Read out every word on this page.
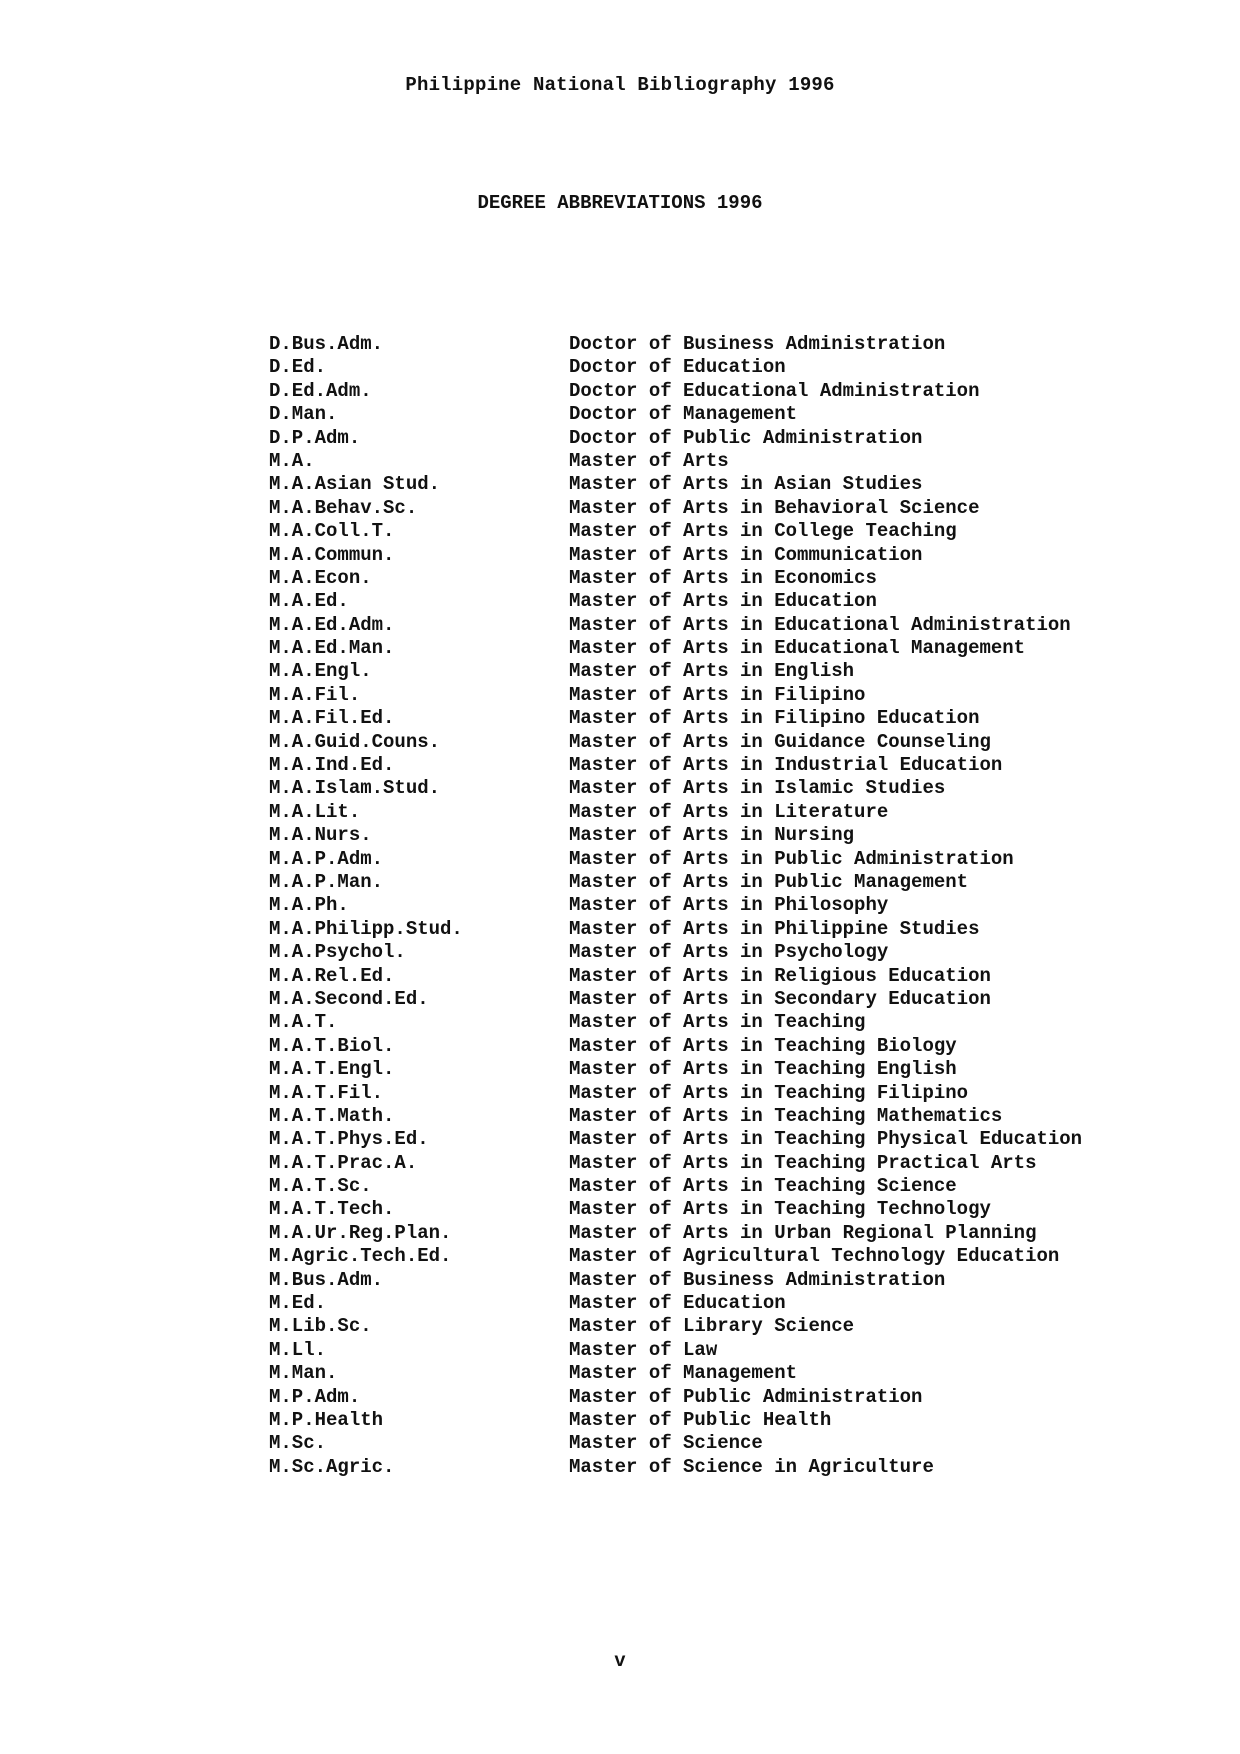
Philippine National Bibliography 1996
DEGREE ABBREVIATIONS 1996
D.Bus.Adm.	Doctor of Business Administration
D.Ed.	Doctor of Education
D.Ed.Adm.	Doctor of Educational Administration
D.Man.	Doctor of Management
D.P.Adm.	Doctor of Public Administration
M.A.	Master of Arts
M.A.Asian Stud.	Master of Arts in Asian Studies
M.A.Behav.Sc.	Master of Arts in Behavioral Science
M.A.Coll.T.	Master of Arts in College Teaching
M.A.Commun.	Master of Arts in Communication
M.A.Econ.	Master of Arts in Economics
M.A.Ed.	Master of Arts in Education
M.A.Ed.Adm.	Master of Arts in Educational Administration
M.A.Ed.Man.	Master of Arts in Educational Management
M.A.Engl.	Master of Arts in English
M.A.Fil.	Master of Arts in Filipino
M.A.Fil.Ed.	Master of Arts in Filipino Education
M.A.Guid.Couns.	Master of Arts in Guidance Counseling
M.A.Ind.Ed.	Master of Arts in Industrial Education
M.A.Islam.Stud.	Master of Arts in Islamic Studies
M.A.Lit.	Master of Arts in Literature
M.A.Nurs.	Master of Arts in Nursing
M.A.P.Adm.	Master of Arts in Public Administration
M.A.P.Man.	Master of Arts in Public Management
M.A.Ph.	Master of Arts in Philosophy
M.A.Philipp.Stud.	Master of Arts in Philippine Studies
M.A.Psychol.	Master of Arts in Psychology
M.A.Rel.Ed.	Master of Arts in Religious Education
M.A.Second.Ed.	Master of Arts in Secondary Education
M.A.T.	Master of Arts in Teaching
M.A.T.Biol.	Master of Arts in Teaching Biology
M.A.T.Engl.	Master of Arts in Teaching English
M.A.T.Fil.	Master of Arts in Teaching Filipino
M.A.T.Math.	Master of Arts in Teaching Mathematics
M.A.T.Phys.Ed.	Master of Arts in Teaching Physical Education
M.A.T.Prac.A.	Master of Arts in Teaching Practical Arts
M.A.T.Sc.	Master of Arts in Teaching Science
M.A.T.Tech.	Master of Arts in Teaching Technology
M.A.Ur.Reg.Plan.	Master of Arts in Urban Regional Planning
M.Agric.Tech.Ed.	Master of Agricultural Technology Education
M.Bus.Adm.	Master of Business Administration
M.Ed.	Master of Education
M.Lib.Sc.	Master of Library Science
M.Ll.	Master of Law
M.Man.	Master of Management
M.P.Adm.	Master of Public Administration
M.P.Health	Master of Public Health
M.Sc.	Master of Science
M.Sc.Agric.	Master of Science in Agriculture
v
